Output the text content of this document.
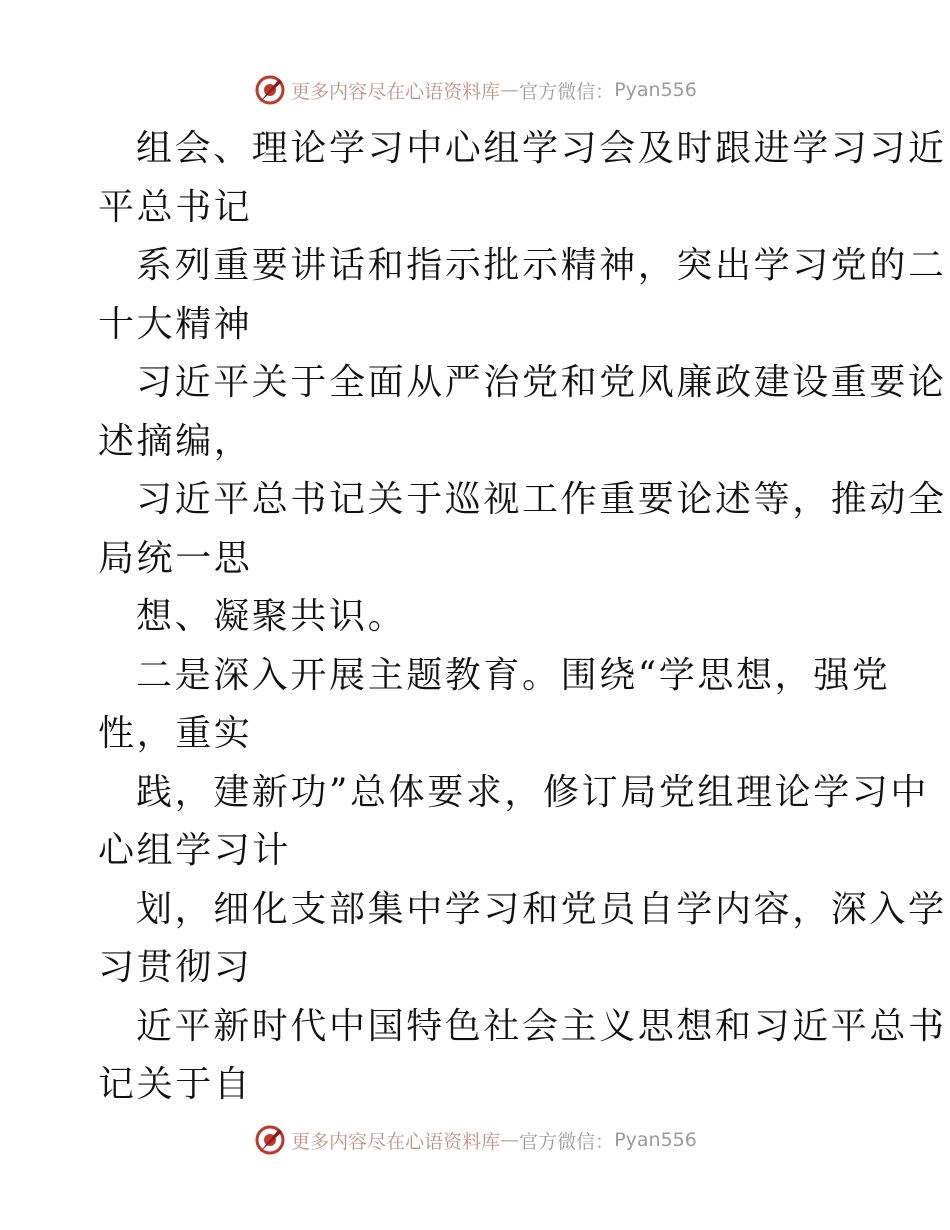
更多内容尽在心语资料库 — 官方微信： Pyan556
组会、理论学习中心组学习会及时跟进学习习近
平总书记
系列重要讲话和指示批示精神，突出学习党的二
十大精神
习近平关于全面从严治党和党风廉政建设重要论
述摘编，
习近平总书记关于巡视工作重要论述等，推动全
局统一思
想、凝聚共识。
二是深入开展主题教育。围绕“学思想，强党
性，重实
践，建新功”总体要求，修订局党组理论学习中
心组学习计
划，细化支部集中学习和党员自学内容，深入学
习贯彻习
近平新时代中国特色社会主义思想和习近平总书
记关于自
更多内容尽在心语资料库 — 官方微信： Pyan556
